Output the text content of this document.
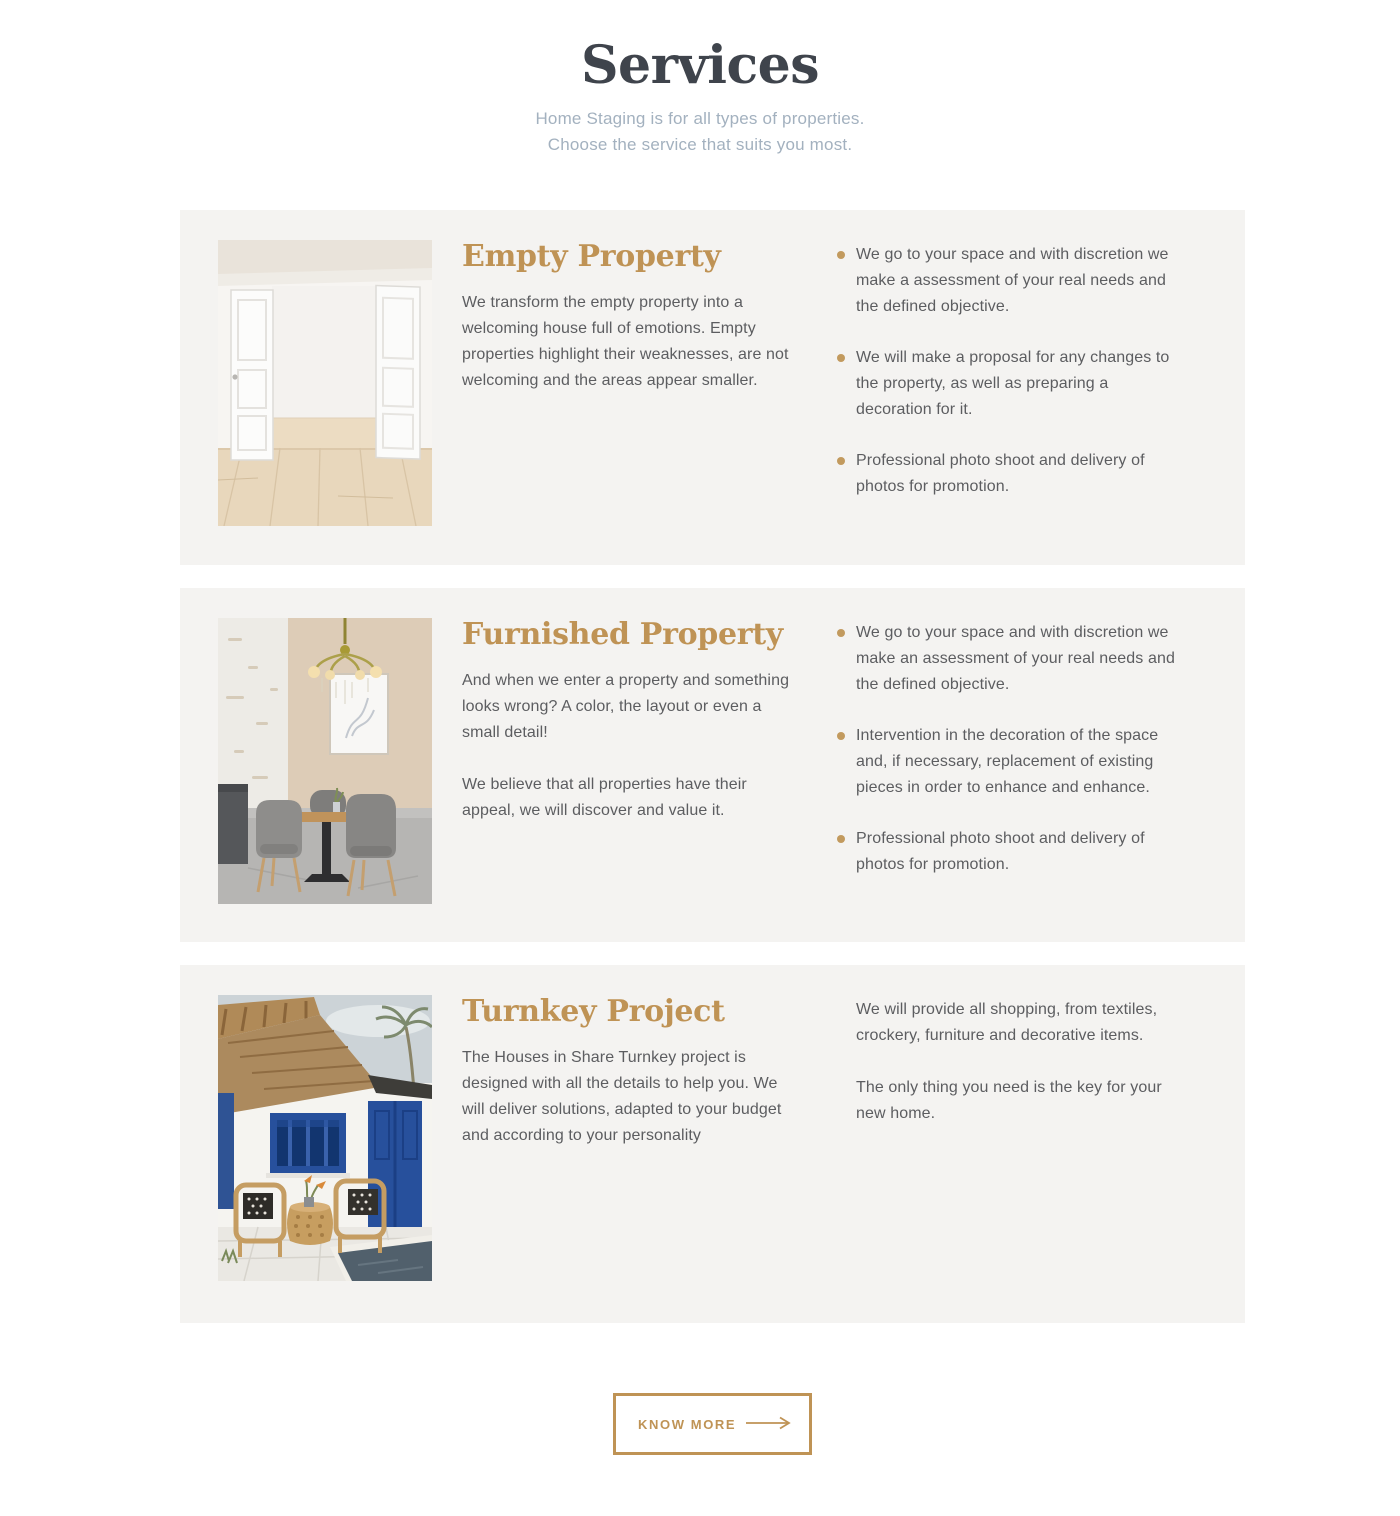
Services
Home Staging is for all types of properties.
Choose the service that suits you most.
Empty Property

We transform the empty property into a welcoming house full of emotions. Empty properties highlight their weaknesses, are not welcoming and the areas appear smaller.

We go to your space and with discretion we make a assessment of your real needs and the defined objective.
We will make a proposal for any changes to the property, as well as preparing a decoration for it.
Professional photo shoot and delivery of photos for promotion.
Furnished Property

And when we enter a property and something looks wrong? A color, the layout or even a small detail!

We believe that all properties have their appeal, we will discover and value it.

We go to your space and with discretion we make an assessment of your real needs and the defined objective.
Intervention in the decoration of the space and, if necessary, replacement of existing pieces in order to enhance and enhance.
Professional photo shoot and delivery of photos for promotion.
Turnkey Project

The Houses in Share Turnkey project is designed with all the details to help you. We will deliver solutions, adapted to your budget and according to your personality

We will provide all shopping, from textiles, crockery, furniture and decorative items.

The only thing you need is the key for your new home.

KNOW MORE
